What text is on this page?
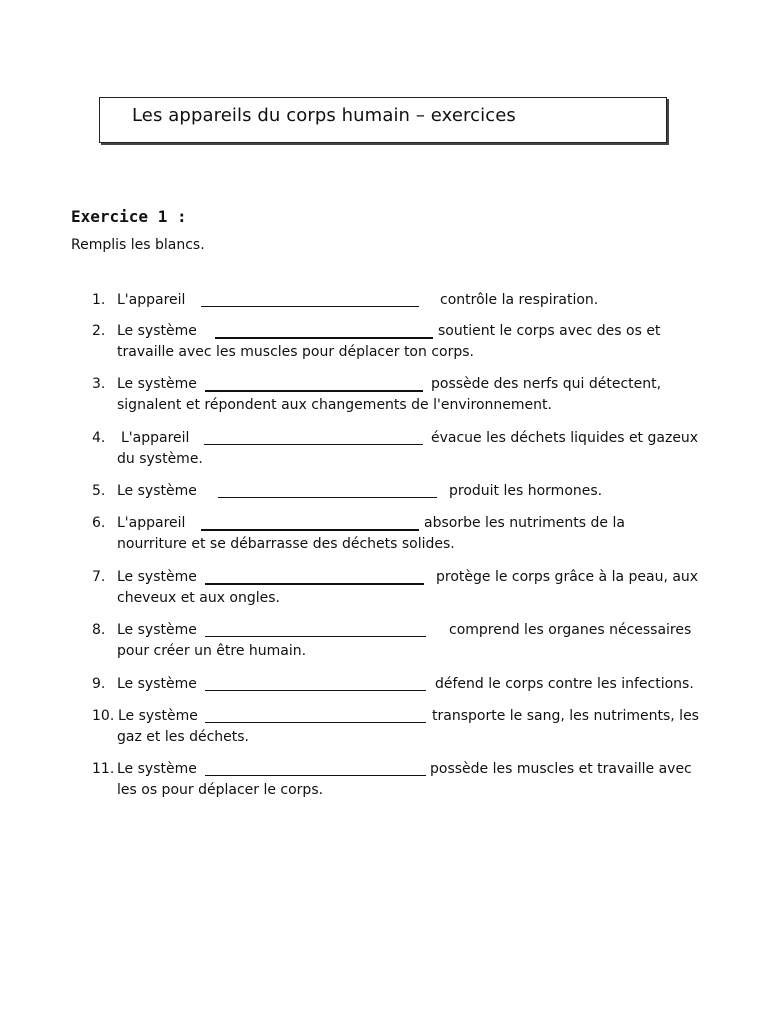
Les appareils du corps humain – exercices
Exercice 1 :
Remplis les blancs.
1. L'appareil	contrôle la respiration.
2. Le système	soutient le corps avec des os et
travaille avec les muscles pour déplacer ton corps.
3. Le système	possède des nerfs qui détectent,
signalent et répondent aux changements de l'environnement.
4. L'appareil	évacue les déchets liquides et gazeux
du système.
5. Le système	produit les hormones.
6. L'appareil	absorbe les nutriments de la
nourriture et se débarrasse des déchets solides.
7. Le système	protège le corps grâce à la peau, aux
cheveux et aux ongles.
8. Le système	comprend les organes nécessaires
pour créer un être humain.
9. Le système	défend le corps contre les infections.
10. Le système	transporte le sang, les nutriments, les
gaz et les déchets.
11. Le système	possède les muscles et travaille avec
les os pour déplacer le corps.
